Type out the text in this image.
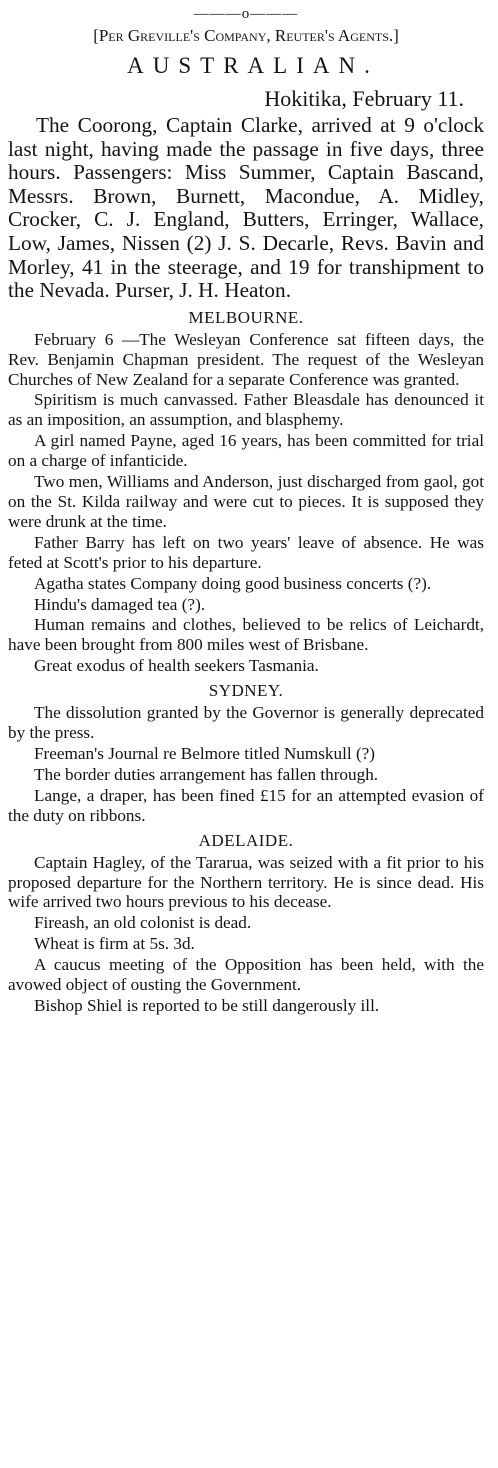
———o———
[Per Greville's Company, Reuter's Agents.]
AUSTRALIAN.
Hokitika, February 11.

The Coorong, Captain Clarke, arrived at 9 o'clock last night, having made the passage in five days, three hours. Passengers: Miss Summer, Captain Bascand, Messrs. Brown, Burnett, Macondue, A. Midley, Crocker, C. J. England, Butters, Erringer, Wallace, Low, James, Nissen (2) J. S. Decarle, Revs. Bavin and Morley, 41 in the steerage, and 19 for transhipment to the Nevada. Purser, J. H. Heaton.

MELBOURNE.

February 6 —The Wesleyan Conference sat fifteen days, the Rev. Benjamin Chapman president. The request of the Wesleyan Churches of New Zealand for a separate Conference was granted.

Spiritism is much canvassed. Father Bleasdale has denounced it as an imposition, an assumption, and blasphemy.

A girl named Payne, aged 16 years, has been committed for trial on a charge of infanticide.

Two men, Williams and Anderson, just discharged from gaol, got on the St. Kilda railway and were cut to pieces. It is supposed they were drunk at the time.

Father Barry has left on two years' leave of absence. He was feted at Scott's prior to his departure.

Agatha states Company doing good business concerts (?).

Hindu's damaged tea (?).

Human remains and clothes, believed to be relics of Leichardt, have been brought from 800 miles west of Brisbane.

Great exodus of health seekers Tasmania.

SYDNEY.

The dissolution granted by the Governor is generally deprecated by the press.

Freeman's Journal re Belmore titled Numskull (?)

The border duties arrangement has fallen through.

Lange, a draper, has been fined £15 for an attempted evasion of the duty on ribbons.

ADELAIDE.

Captain Hagley, of the Tararua, was seized with a fit prior to his proposed departure for the Northern territory. He is since dead. His wife arrived two hours previous to his decease.

Fireash, an old colonist is dead.

Wheat is firm at 5s. 3d.

A caucus meeting of the Opposition has been held, with the avowed object of ousting the Government.

Bishop Shiel is reported to be still dangerously ill.
